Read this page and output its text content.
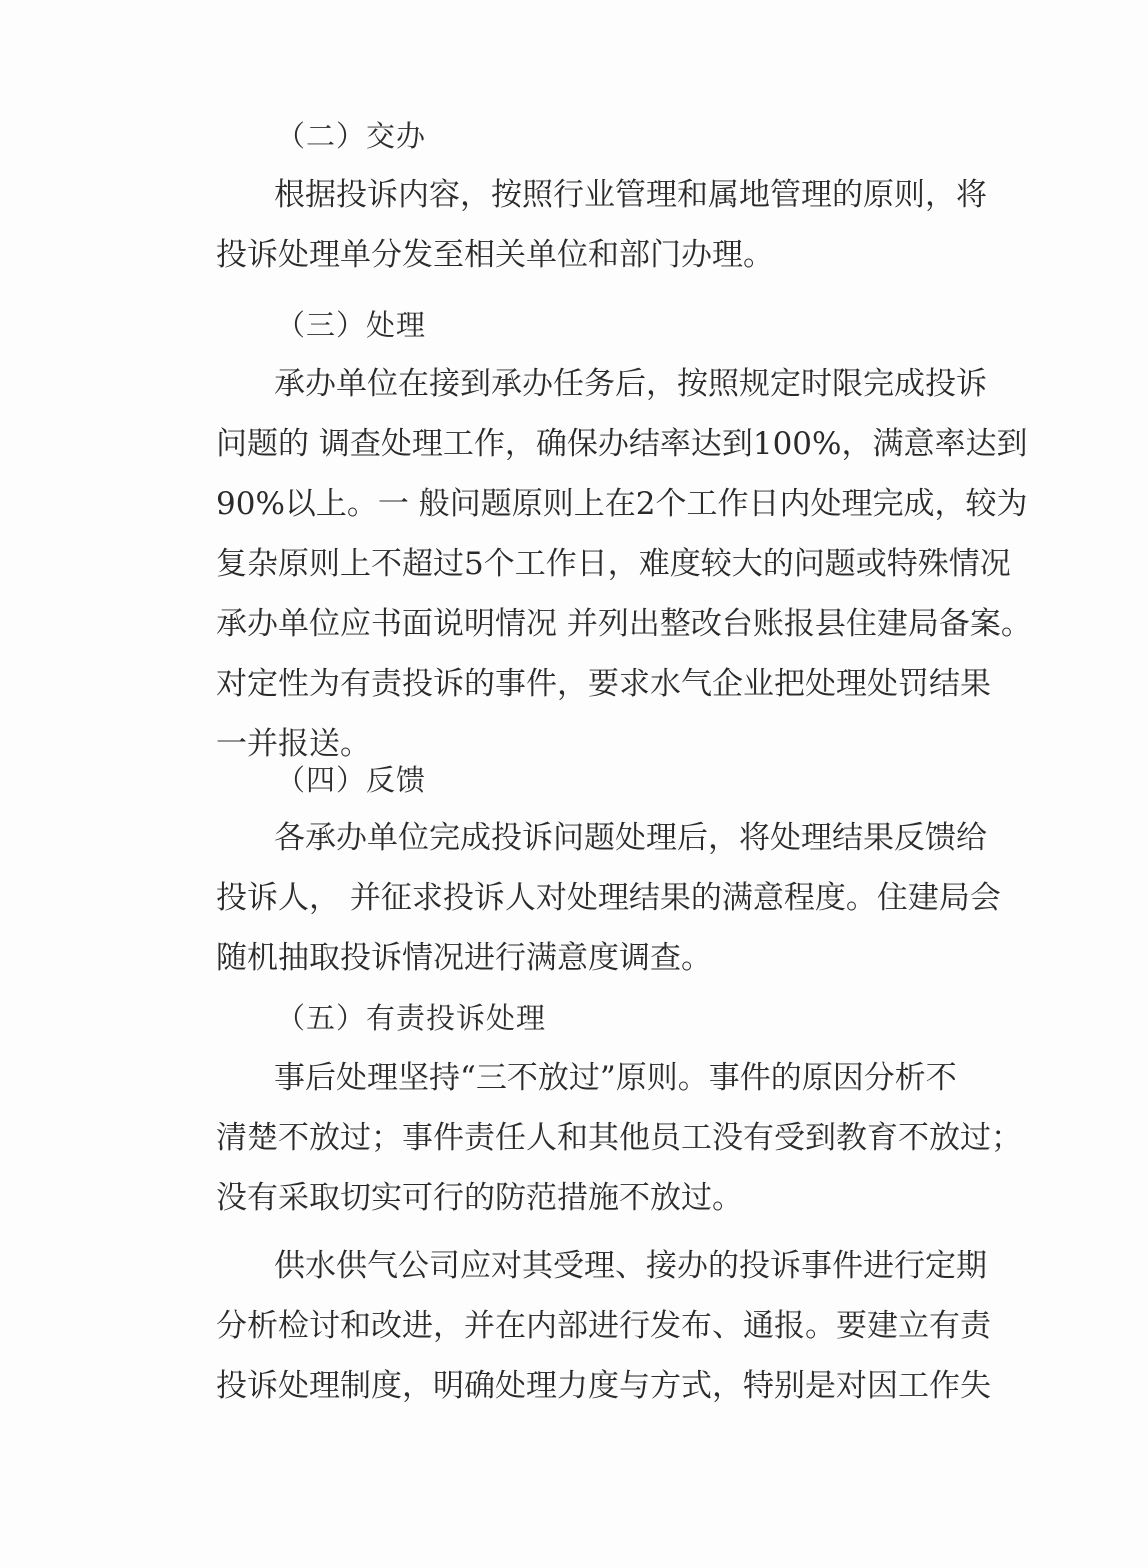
（二）交办
根据投诉内容，按照行业管理和属地管理的原则，将
投诉处理单分发至相关单位和部门办理。
（三）处理
承办单位在接到承办任务后，按照规定时限完成投诉
问题的 调查处理工作，确保办结率达到100%，满意率达到
90%以上。一 般问题原则上在2个工作日内处理完成，较为
复杂原则上不超过5个工作日，难度较大的问题或特殊情况
承办单位应书面说明情况 并列出整改台账报县住建局备案。
对定性为有责投诉的事件，要求水气企业把处理处罚结果
一并报送。
（四）反馈
各承办单位完成投诉问题处理后，将处理结果反馈给
投诉人， 并征求投诉人对处理结果的满意程度。住建局会
随机抽取投诉情况进行满意度调查。
（五）有责投诉处理
事后处理坚持“三不放过”原则。事件的原因分析不
清楚不放过；事件责任人和其他员工没有受到教育不放过；
没有采取切实可行的防范措施不放过。
供水供气公司应对其受理、接办的投诉事件进行定期
分析检讨和改进，并在内部进行发布、通报。要建立有责
投诉处理制度，明确处理力度与方式，特别是对因工作失
